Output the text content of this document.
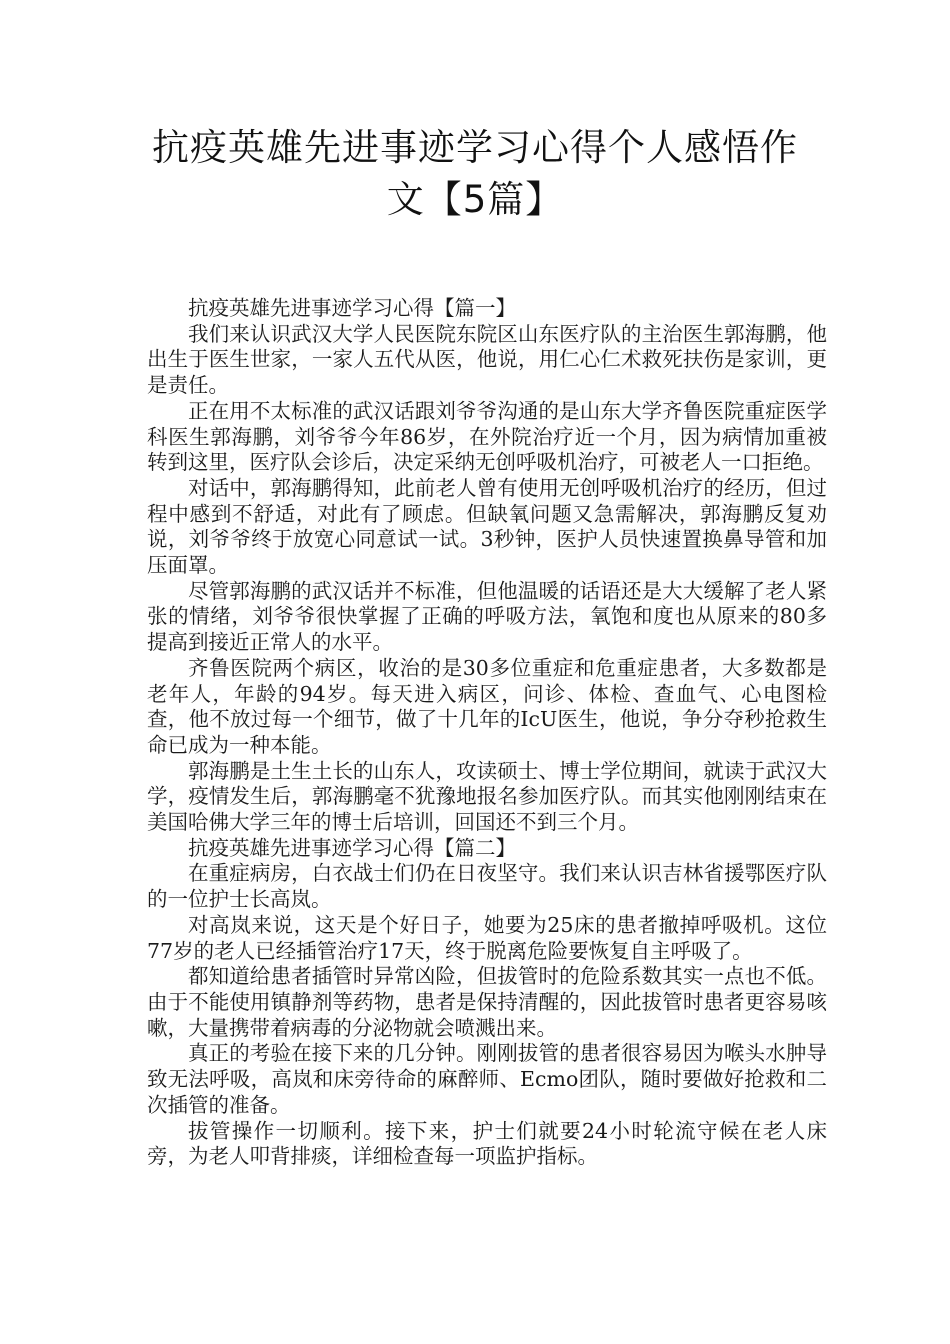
抗疫英雄先进事迹学习心得个人感悟作
文【5篇】

抗疫英雄先进事迹学习心得【篇一】

我们来认识武汉大学人民医院东院区山东医疗队的主治医生郭海鹏，他出生于医生世家，一家人五代从医，他说，用仁心仁术救死扶伤是家训，更是责任。

正在用不太标准的武汉话跟刘爷爷沟通的是山东大学齐鲁医院重症医学科医生郭海鹏，刘爷爷今年86岁，在外院治疗近一个月，因为病情加重被转到这里，医疗队会诊后，决定采纳无创呼吸机治疗，可被老人一口拒绝。

对话中，郭海鹏得知，此前老人曾有使用无创呼吸机治疗的经历，但过程中感到不舒适，对此有了顾虑。但缺氧问题又急需解决，郭海鹏反复劝说，刘爷爷终于放宽心同意试一试。3秒钟，医护人员快速置换鼻导管和加压面罩。

尽管郭海鹏的武汉话并不标准，但他温暖的话语还是大大缓解了老人紧张的情绪，刘爷爷很快掌握了正确的呼吸方法，氧饱和度也从原来的80多提高到接近正常人的水平。

齐鲁医院两个病区，收治的是30多位重症和危重症患者，大多数都是老年人，年龄的94岁。每天进入病区，问诊、体检、查血气、心电图检查，他不放过每一个细节，做了十几年的IcU医生，他说，争分夺秒抢救生命已成为一种本能。

郭海鹏是土生土长的山东人，攻读硕士、博士学位期间，就读于武汉大学，疫情发生后，郭海鹏毫不犹豫地报名参加医疗队。而其实他刚刚结束在美国哈佛大学三年的博士后培训，回国还不到三个月。

抗疫英雄先进事迹学习心得【篇二】

在重症病房，白衣战士们仍在日夜坚守。我们来认识吉林省援鄂医疗队的一位护士长高岚。

对高岚来说，这天是个好日子，她要为25床的患者撤掉呼吸机。这位77岁的老人已经插管治疗17天，终于脱离危险要恢复自主呼吸了。

都知道给患者插管时异常凶险，但拔管时的危险系数其实一点也不低。由于不能使用镇静剂等药物，患者是保持清醒的，因此拔管时患者更容易咳嗽，大量携带着病毒的分泌物就会喷溅出来。

真正的考验在接下来的几分钟。刚刚拔管的患者很容易因为喉头水肿导致无法呼吸，高岚和床旁待命的麻醉师、Ecmo团队，随时要做好抢救和二次插管的准备。

拔管操作一切顺利。接下来，护士们就要24小时轮流守候在老人床旁，为老人叩背排痰，详细检查每一项监护指标。
